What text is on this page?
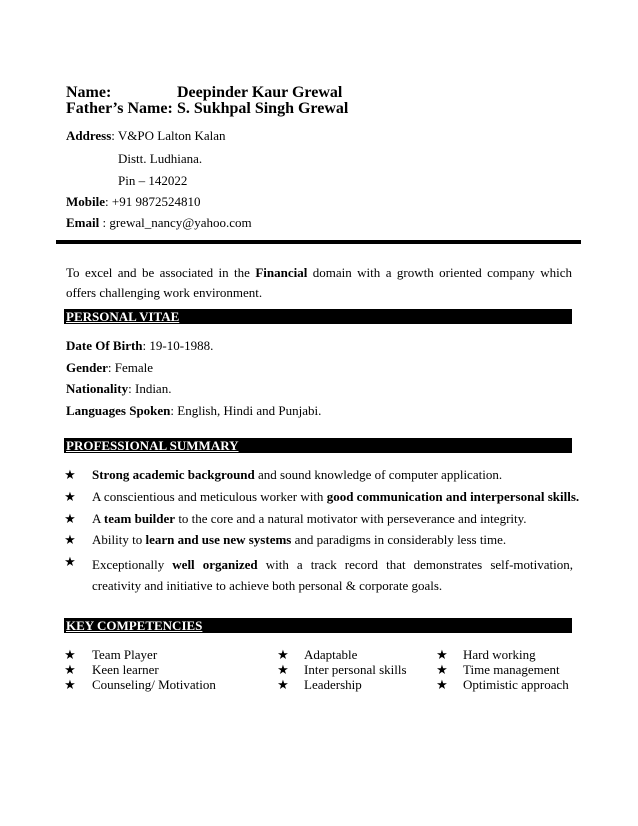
Name:	Deepinder Kaur Grewal
Father’s Name: S. Sukhpal Singh Grewal
Address: V&PO Lalton Kalan
Distt. Ludhiana.
Pin – 142022
Mobile: +91 9872524810
Email : grewal_nancy@yahoo.com
To excel and be associated in the Financial domain with a growth oriented company which offers challenging work environment.
PERSONAL VITAE
Date Of Birth: 19-10-1988.
Gender: Female
Nationality: Indian.
Languages Spoken: English, Hindi and Punjabi.
PROFESSIONAL SUMMARY
★ Strong academic background and sound knowledge of computer application.
★ A conscientious and meticulous worker with good communication and interpersonal skills.
★ A team builder to the core and a natural motivator with perseverance and integrity.
★ Ability to learn and use new systems and paradigms in considerably less time.
★ Exceptionally well organized with a track record that demonstrates self-motivation, creativity and initiative to achieve both personal & corporate goals.
KEY COMPETENCIES
★ Team Player
★ Keen learner
★ Counseling/ Motivation
★ Adaptable
★ Inter personal skills
★ Leadership
★ Hard working
★ Time management
★ Optimistic approach
